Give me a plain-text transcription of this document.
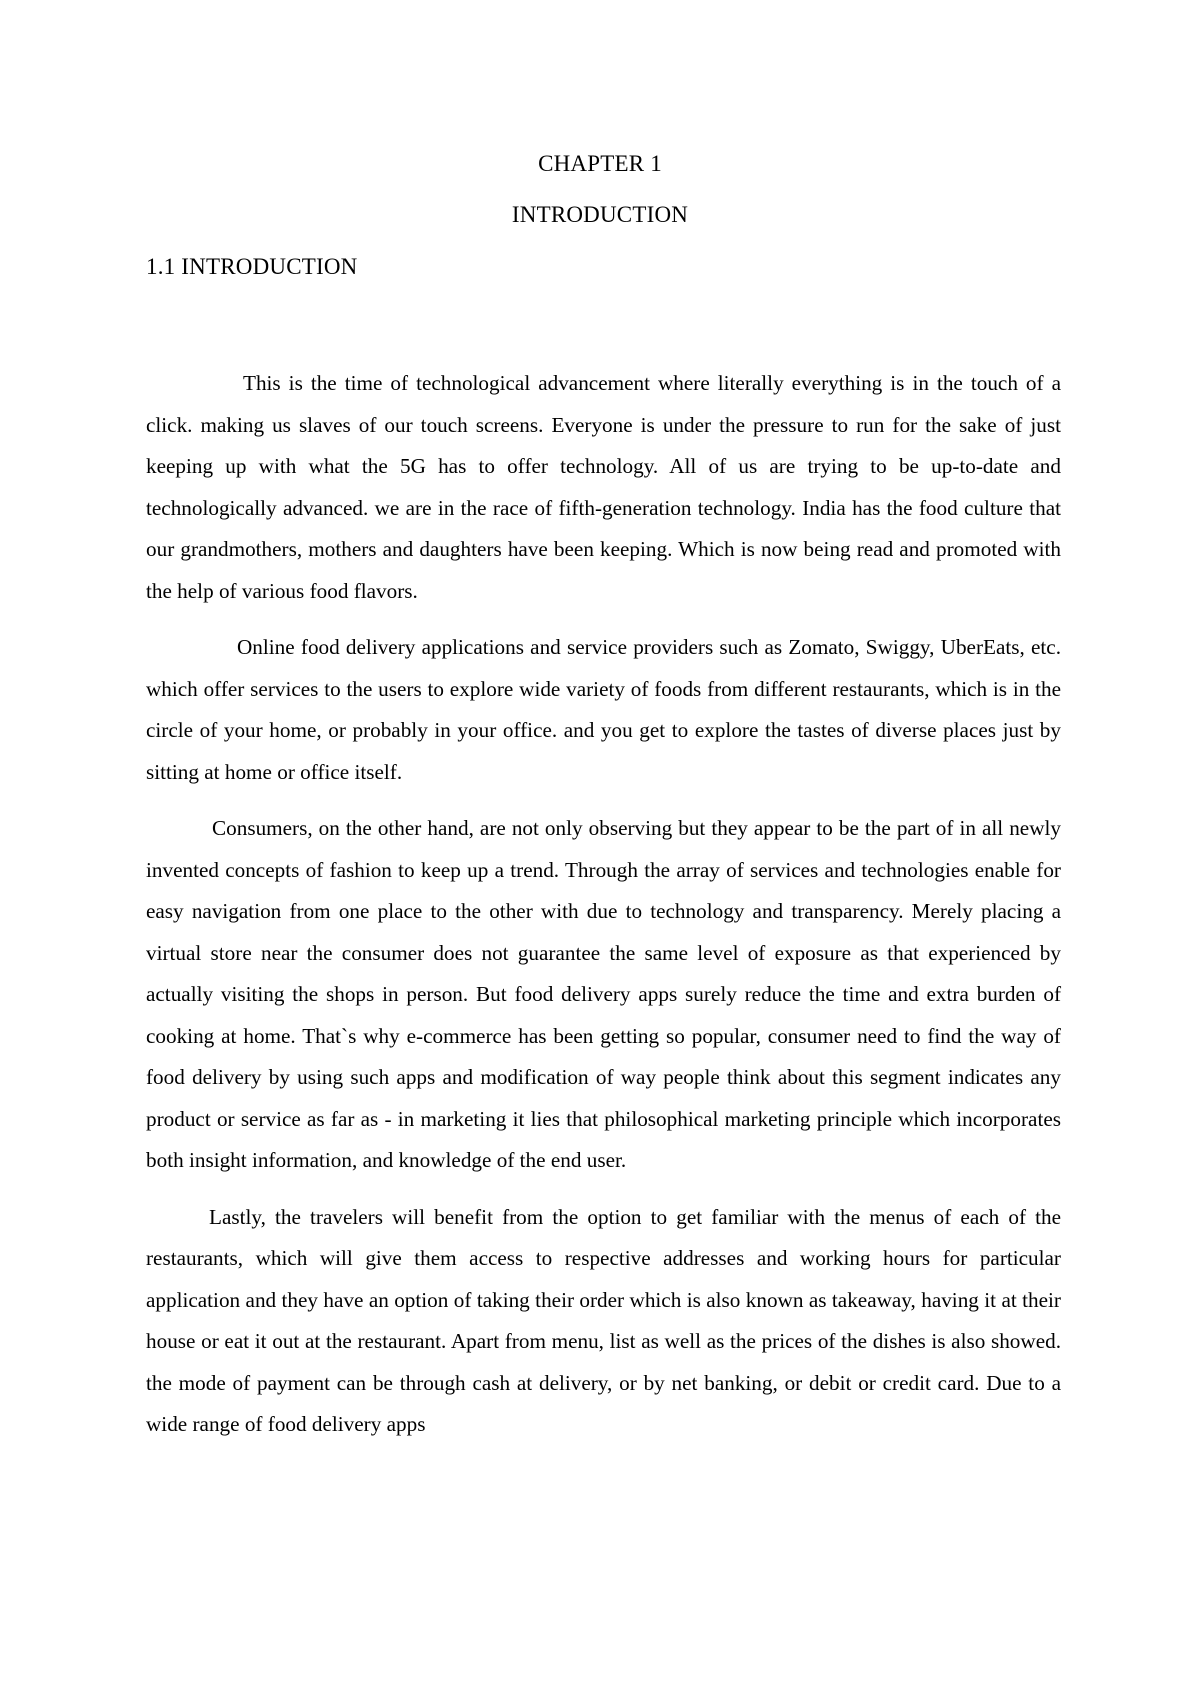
CHAPTER 1
INTRODUCTION
1.1 INTRODUCTION

This is the time of technological advancement where literally everything is in the touch of a click. making us slaves of our touch screens. Everyone is under the pressure to run for the sake of just keeping up with what the 5G has to offer technology. All of us are trying to be up-to-date and technologically advanced. we are in the race of fifth-generation technology. India has the food culture that our grandmothers, mothers and daughters have been keeping. Which is now being read and promoted with the help of various food flavors.

Online food delivery applications and service providers such as Zomato, Swiggy, UberEats, etc. which offer services to the users to explore wide variety of foods from different restaurants, which is in the circle of your home, or probably in your office. and you get to explore the tastes of diverse places just by sitting at home or office itself.

Consumers, on the other hand, are not only observing but they appear to be the part of in all newly invented concepts of fashion to keep up a trend. Through the array of services and technologies enable for easy navigation from one place to the other with due to technology and transparency. Merely placing a virtual store near the consumer does not guarantee the same level of exposure as that experienced by actually visiting the shops in person. But food delivery apps surely reduce the time and extra burden of cooking at home. That`s why e-commerce has been getting so popular, consumer need to find the way of food delivery by using such apps and modification of way people think about this segment indicates any product or service as far as - in marketing it lies that philosophical marketing principle which incorporates both insight information, and knowledge of the end user.

Lastly, the travelers will benefit from the option to get familiar with the menus of each of the restaurants, which will give them access to respective addresses and working hours for particular application and they have an option of taking their order which is also known as takeaway, having it at their house or eat it out at the restaurant. Apart from menu, list as well as the prices of the dishes is also showed. the mode of payment can be through cash at delivery, or by net banking, or debit or credit card. Due to a wide range of food delivery apps
